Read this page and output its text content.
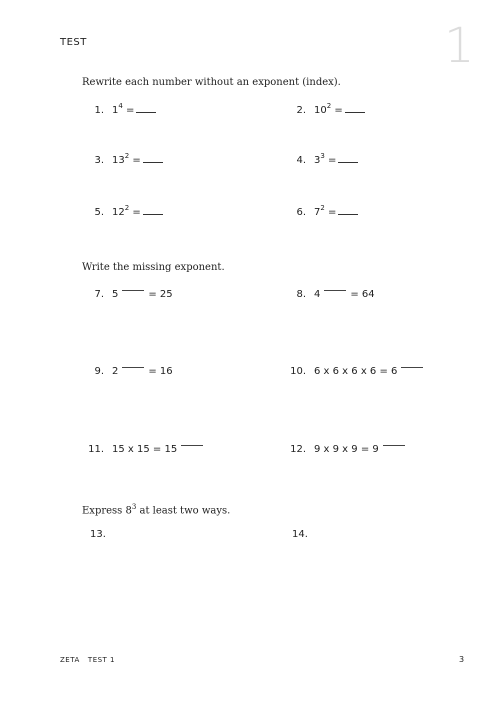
TEST	1
Rewrite each number without an exponent (index).
1. $1^4$ =	2. $10^2$ =
3. $13^2$ =	4. $3^3$ =
5. $12^2$ =	6. $7^2$ =
Write the missing exponent.
7. 5	= 25	8. 4	= 64
9. 2	= 16	10. 6 x 6 x 6 x 6 = 6
11. 15 x 15 = 15	12. 9 x 9 x 9 = 9
Express $8^3$ at least two ways.
13.	14.
ZETA   TEST 1	3
